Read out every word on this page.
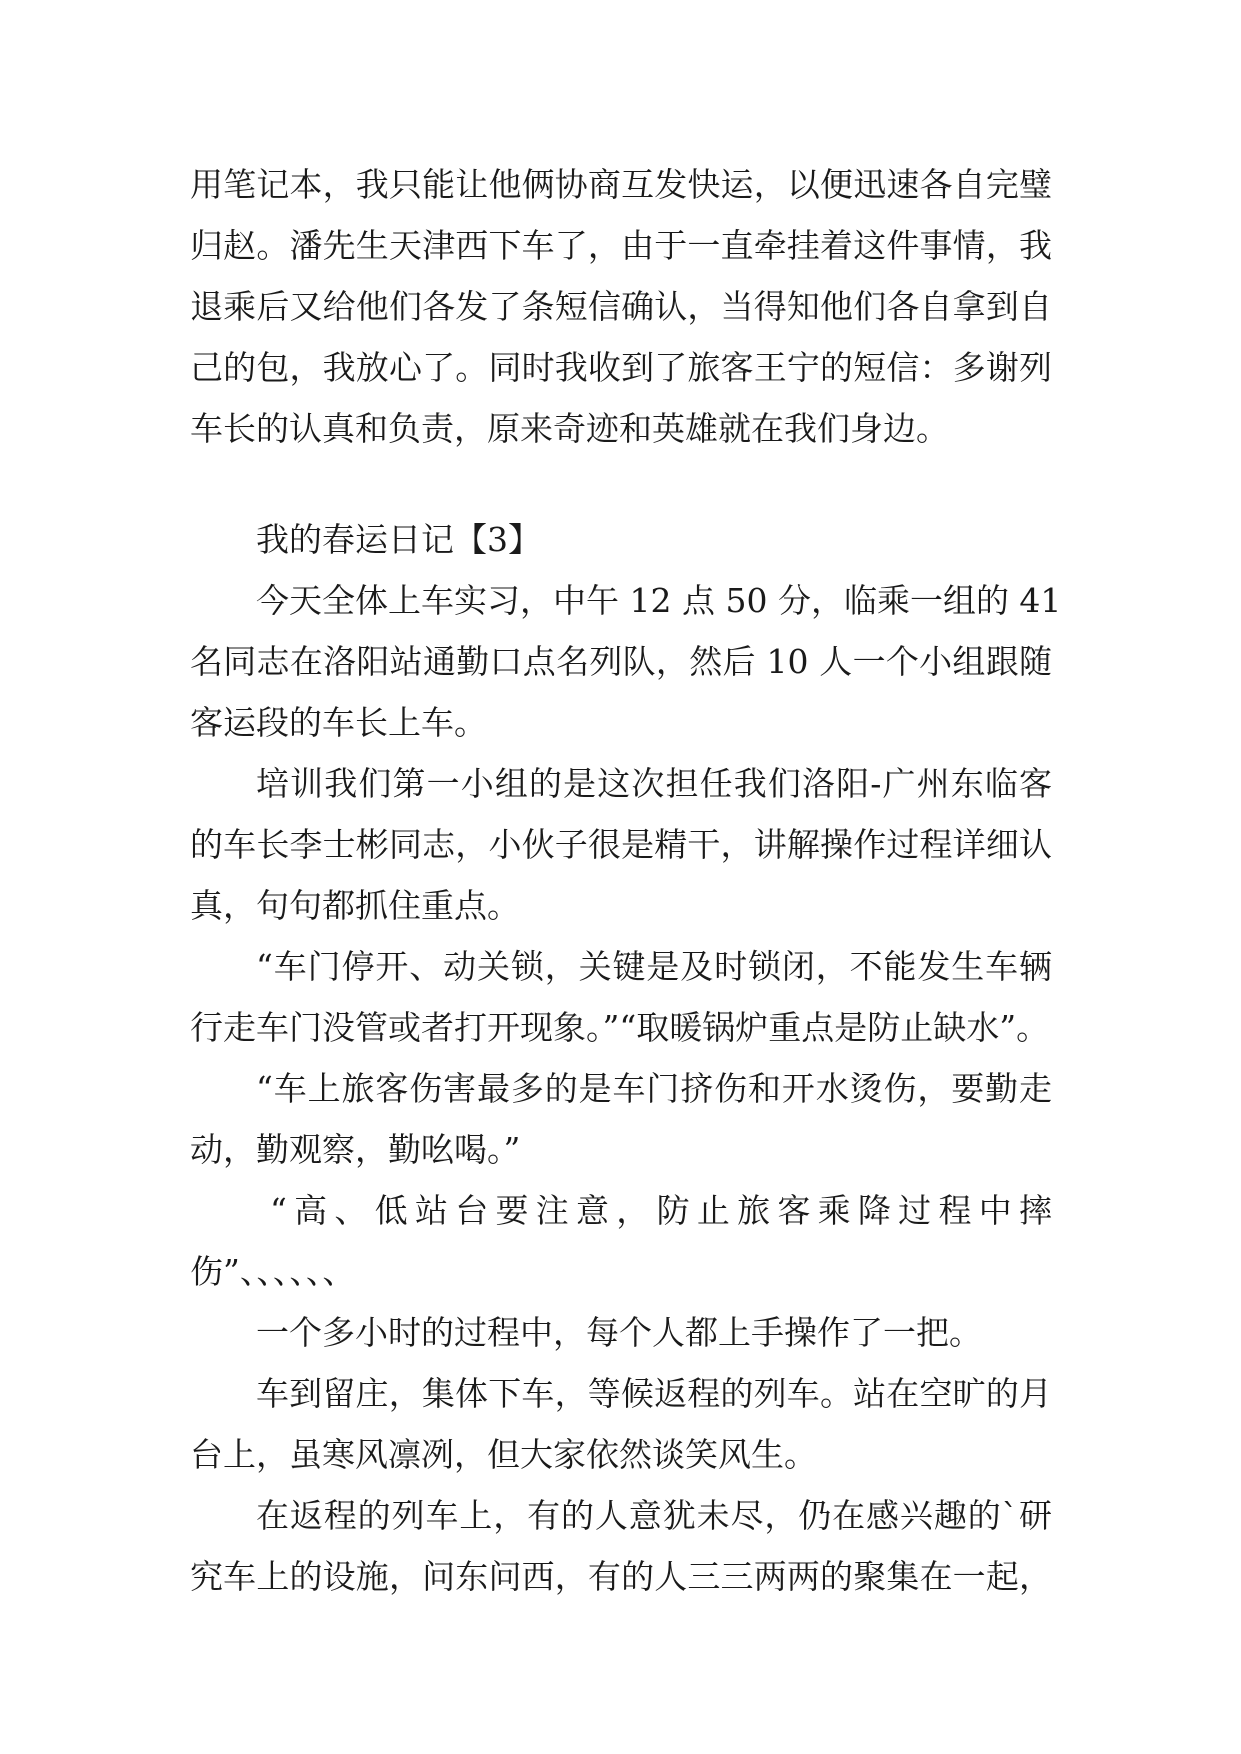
用笔记本，我只能让他俩协商互发快运，以便迅速各自完璧
归赵。潘先生天津西下车了，由于一直牵挂着这件事情，我
退乘后又给他们各发了条短信确认，当得知他们各自拿到自
己的包，我放心了。同时我收到了旅客王宁的短信：多谢列
车长的认真和负责，原来奇迹和英雄就在我们身边。
我的春运日记【3】
今天全体上车实习，中午 12 点 50 分，临乘一组的 41
名同志在洛阳站通勤口点名列队，然后 10 人一个小组跟随
客运段的车长上车。
培训我们第一小组的是这次担任我们洛阳-广州东临客
的车长李士彬同志，小伙子很是精干，讲解操作过程详细认
真，句句都抓住重点。
“车门停开、动关锁，关键是及时锁闭，不能发生车辆
行走车门没管或者打开现象。”“取暖锅炉重点是防止缺水”。
“车上旅客伤害最多的是车门挤伤和开水烫伤，要勤走
动，勤观察，勤吆喝。”
“高、低站台要注意，防止旅客乘降过程中摔
伤”、、、、、、
一个多小时的过程中，每个人都上手操作了一把。
车到留庄，集体下车，等候返程的列车。站在空旷的月
台上，虽寒风凛冽，但大家依然谈笑风生。
在返程的列车上，有的人意犹未尽，仍在感兴趣的`研
究车上的设施，问东问西，有的人三三两两的聚集在一起，
